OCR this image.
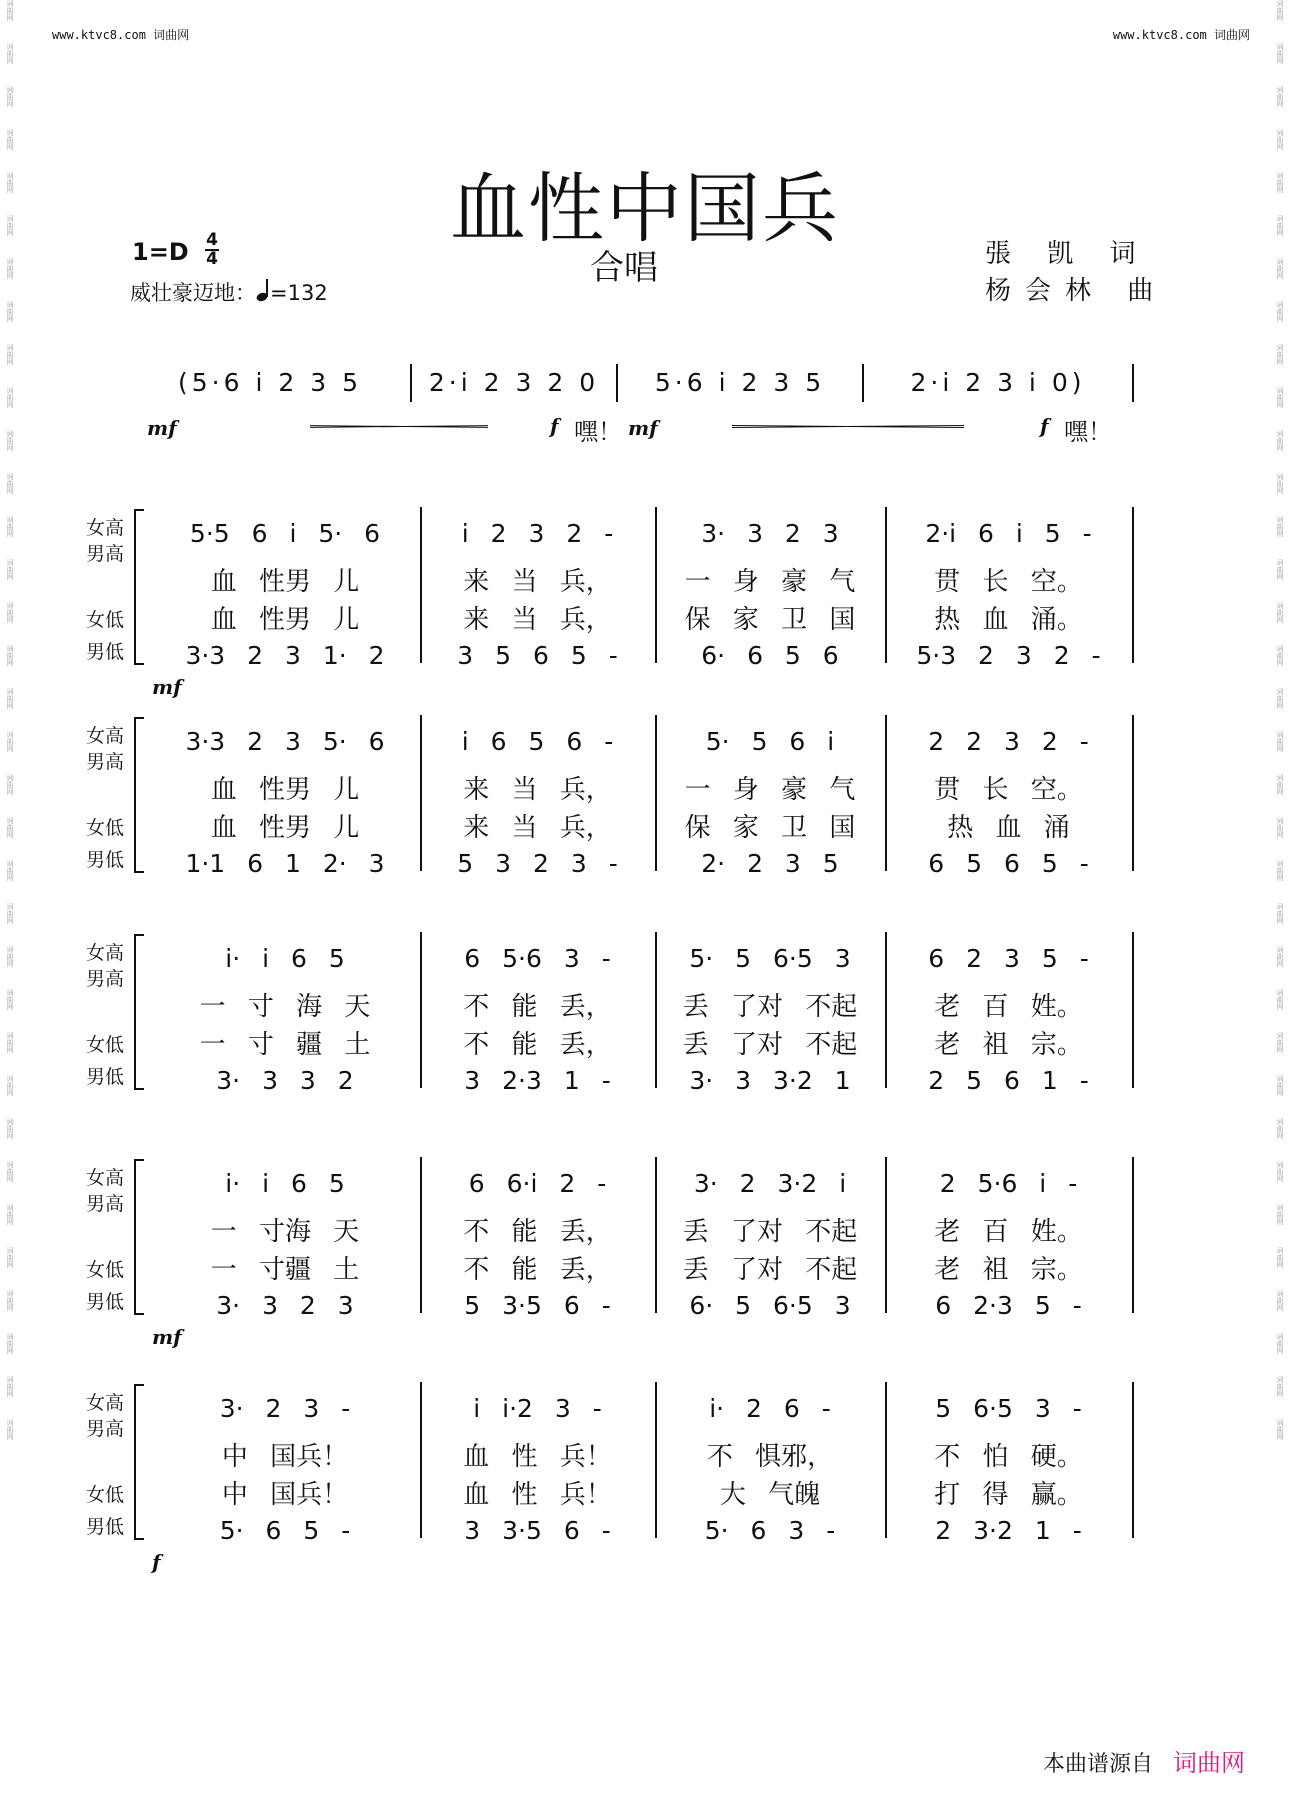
www.ktvc8.com 词曲网	www.ktvc8.com 词曲网
词曲网
词曲网
词曲网
词曲网
词曲网
词曲网
词曲网
词曲网
词曲网
词曲网
词曲网
词曲网
词曲网
词曲网
词曲网
词曲网
词曲网
词曲网
词曲网
词曲网
词曲网
词曲网
词曲网
词曲网
词曲网
词曲网
词曲网
词曲网
词曲网
词曲网
词曲网
词曲网
词曲网
词曲网
词曲网
词曲网
词曲网
词曲网
词曲网
词曲网
词曲网
词曲网
词曲网
词曲网
词曲网
词曲网
词曲网
词曲网
词曲网
词曲网
词曲网
词曲网
词曲网
词曲网
词曲网
词曲网
词曲网
词曲网
词曲网
词曲网
词曲网
词曲网
词曲网
词曲网
词曲网
词曲网
词曲网
词曲网
血性中国兵
合唱
1=D 4
4
威壮豪迈地： =132
張 凯 词
杨会林 曲
(5·6 i 2 3 5	2·i 2 3 2 0	5·6 i 2 3 5	2·i 2 3 i 0)
mf	f 嘿！ mf	f 嘿！
女高
男高
女低
男低
5·5 6 i 5· 6	i 2 3 2 -	3· 3 2 3	2·i 6 i 5 -
血 性男 儿	来 当 兵，	一 身 豪 气	贯 长 空。
血 性男 儿	来 当 兵，	保 家 卫 国	热 血 涌。
3·3 2 3 1· 2	3 5 6 5 -	6· 6 5 6	5·3 2 3 2 -
mf
女高
男高
女低
男低
3·3 2 3 5· 6	i 6 5 6 -	5· 5 6 i	2 2 3 2 -
血 性男 儿	来 当 兵，	一 身 豪 气	贯 长 空。
血 性男 儿	来 当 兵，	保 家 卫 国	热 血 涌
1·1 6 1 2· 3	5 3 2 3 -	2· 2 3 5	6 5 6 5 -
女高
男高
女低
男低
i· i 6 5	6 5·6 3 -	5· 5 6·5 3	6 2 3 5 -
一 寸 海 天	不 能 丢，	丢 了对 不起	老 百 姓。
一 寸 疆 土	不 能 丢，	丢 了对 不起	老 祖 宗。
3· 3 3 2	3 2·3 1 -	3· 3 3·2 1	2 5 6 1 -
女高
男高
女低
男低
i· i 6 5	6 6·i 2 -	3· 2 3·2 i	2 5·6 i -
一 寸海 天	不 能 丢，	丢 了对 不起	老 百 姓。
一 寸疆 土	不 能 丢，	丢 了对 不起	老 祖 宗。
3· 3 2 3	5 3·5 6 -	6· 5 6·5 3	6 2·3 5 -
mf
女高
男高
女低
男低
3· 2 3 -	i i·2 3 -	i· 2 6 -	5 6·5 3 -
中 国兵！	血 性 兵！	不 惧邪，	不 怕 硬。
中 国兵！	血 性 兵！	大 气魄	打 得 赢。
5· 6 5 -	3 3·5 6 -	5· 6 3 -	2 3·2 1 -
f
本曲谱源自 词曲网
